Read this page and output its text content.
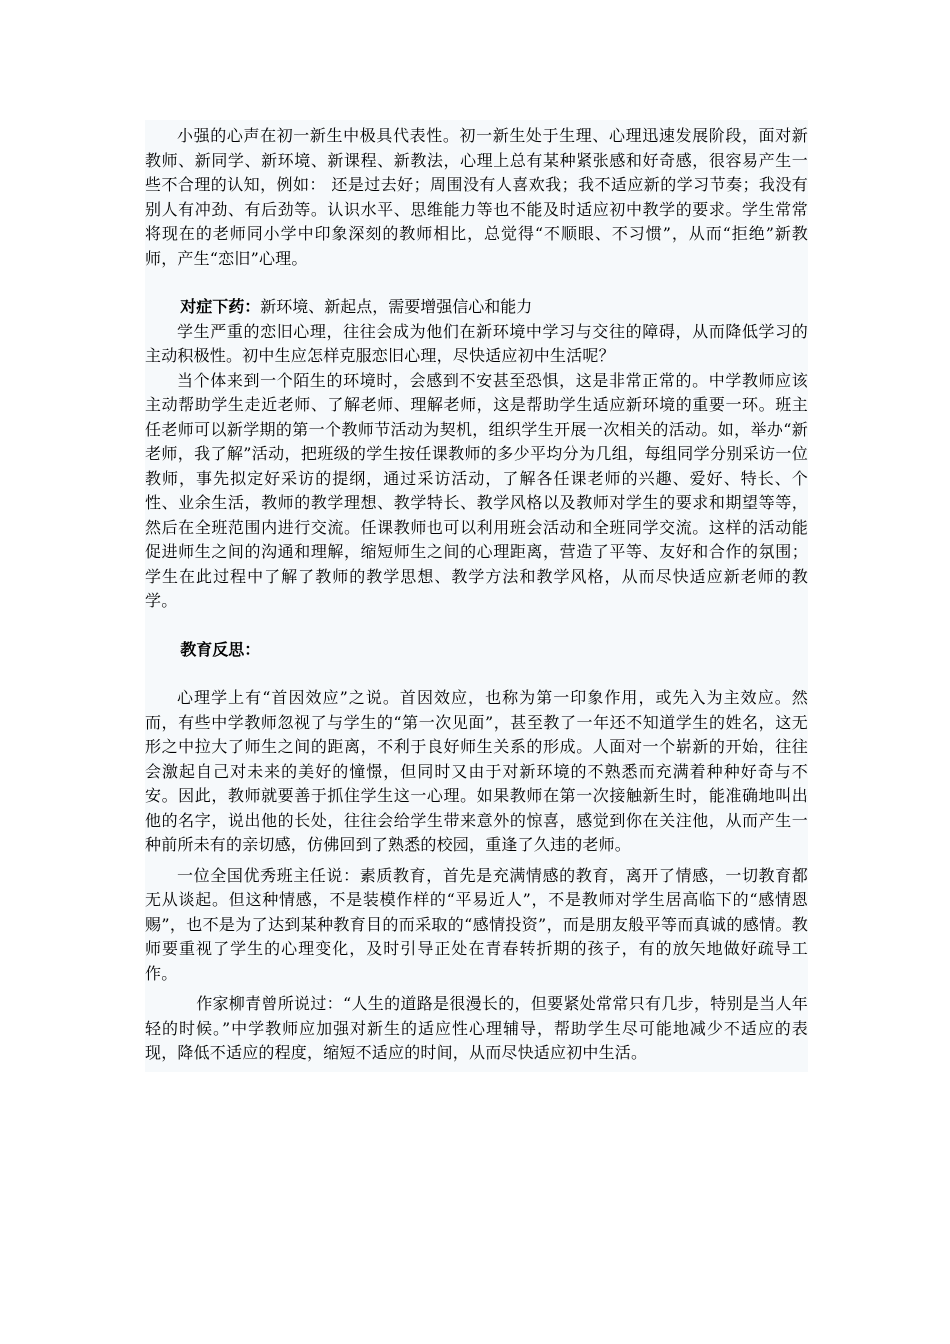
小强的心声在初一新生中极具代表性。初一新生处于生理、心理迅速发展阶段，面对新教师、新同学、新环境、新课程、新教法，心理上总有某种紧张感和好奇感，很容易产生一些不合理的认知，例如： 还是过去好；周围没有人喜欢我；我不适应新的学习节奏；我没有别人有冲劲、有后劲等。认识水平、思维能力等也不能及时适应初中教学的要求。学生常常将现在的老师同小学中印象深刻的教师相比，总觉得“不顺眼、不习惯”，从而“拒绝”新教师，产生“恋旧”心理。

对症下药：新环境、新起点，需要增强信心和能力

学生严重的恋旧心理，往往会成为他们在新环境中学习与交往的障碍，从而降低学习的主动积极性。初中生应怎样克服恋旧心理，尽快适应初中生活呢？

当个体来到一个陌生的环境时，会感到不安甚至恐惧，这是非常正常的。中学教师应该主动帮助学生走近老师、了解老师、理解老师，这是帮助学生适应新环境的重要一环。班主任老师可以新学期的第一个教师节活动为契机，组织学生开展一次相关的活动。如，举办“新老师，我了解”活动，把班级的学生按任课教师的多少平均分为几组，每组同学分别采访一位教师，事先拟定好采访的提纲，通过采访活动，了解各任课老师的兴趣、爱好、特长、个性、业余生活，教师的教学理想、教学特长、教学风格以及教师对学生的要求和期望等等，然后在全班范围内进行交流。任课教师也可以利用班会活动和全班同学交流。这样的活动能促进师生之间的沟通和理解，缩短师生之间的心理距离，营造了平等、友好和合作的氛围；学生在此过程中了解了教师的教学思想、教学方法和教学风格，从而尽快适应新老师的教学。

教育反思：

心理学上有“首因效应”之说。首因效应，也称为第一印象作用，或先入为主效应。然而，有些中学教师忽视了与学生的“第一次见面”，甚至教了一年还不知道学生的姓名，这无形之中拉大了师生之间的距离，不利于良好师生关系的形成。人面对一个崭新的开始，往往会激起自己对未来的美好的憧憬，但同时又由于对新环境的不熟悉而充满着种种好奇与不安。因此，教师就要善于抓住学生这一心理。如果教师在第一次接触新生时，能准确地叫出他的名字，说出他的长处，往往会给学生带来意外的惊喜，感觉到你在关注他，从而产生一种前所未有的亲切感，仿佛回到了熟悉的校园，重逢了久违的老师。

一位全国优秀班主任说：素质教育，首先是充满情感的教育，离开了情感，一切教育都无从谈起。但这种情感，不是装模作样的“平易近人”，不是教师对学生居高临下的“感情恩赐”，也不是为了达到某种教育目的而采取的“感情投资”，而是朋友般平等而真诚的感情。教师要重视了学生的心理变化，及时引导正处在青春转折期的孩子，有的放矢地做好疏导工作。

作家柳青曾所说过：“人生的道路是很漫长的，但要紧处常常只有几步，特别是当人年轻的时候。”中学教师应加强对新生的适应性心理辅导，帮助学生尽可能地减少不适应的表现，降低不适应的程度，缩短不适应的时间，从而尽快适应初中生活。
